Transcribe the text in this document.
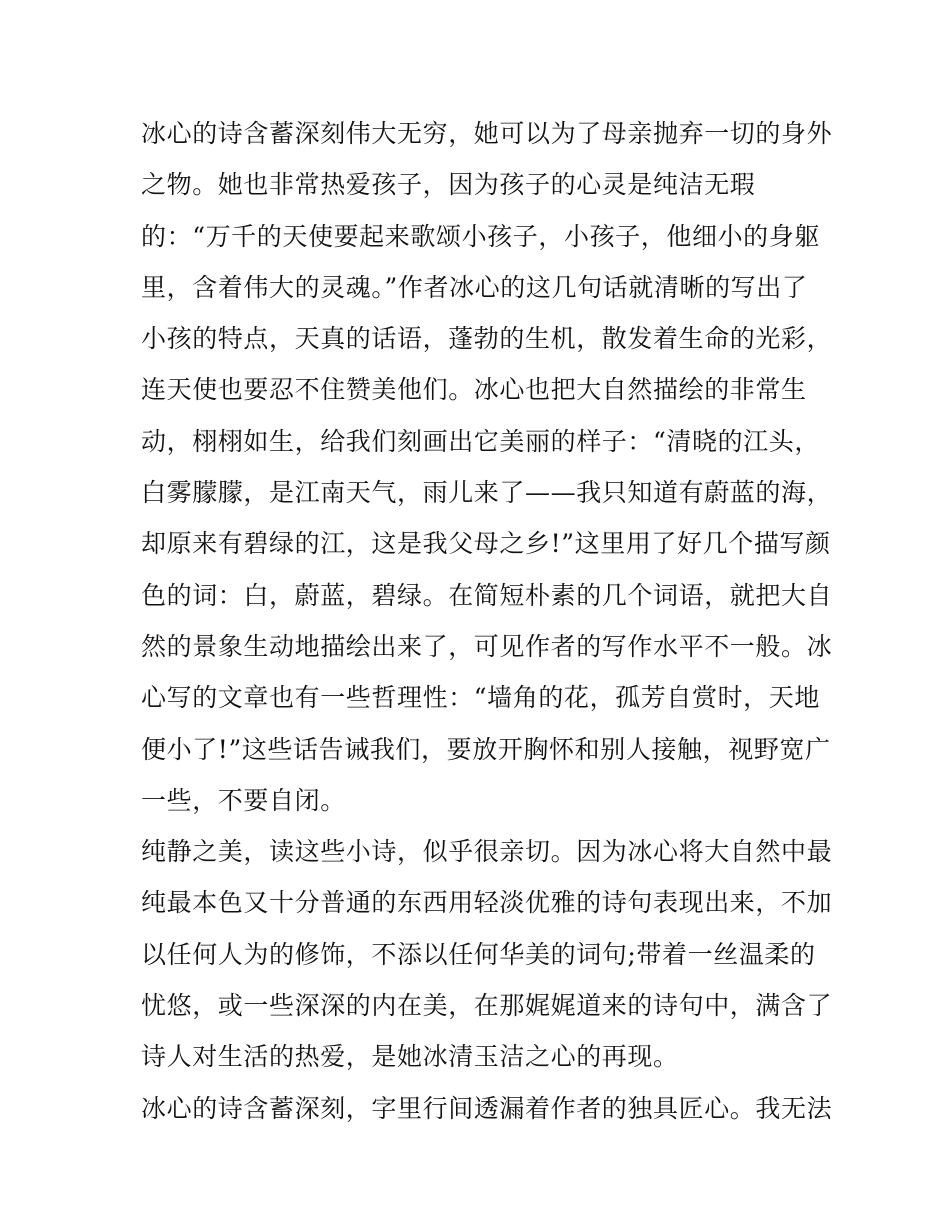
冰心的诗含蓄深刻伟大无穷，她可以为了母亲抛弃一切的身外
之物。她也非常热爱孩子，因为孩子的心灵是纯洁无瑕
的：“万千的天使要起来歌颂小孩子，小孩子，他细小的身躯
里，含着伟大的灵魂。”作者冰心的这几句话就清晰的写出了
小孩的特点，天真的话语，蓬勃的生机，散发着生命的光彩，
连天使也要忍不住赞美他们。冰心也把大自然描绘的非常生
动，栩栩如生，给我们刻画出它美丽的样子：“清晓的江头，
白雾朦朦，是江南天气，雨儿来了——我只知道有蔚蓝的海，
却原来有碧绿的江，这是我父母之乡!”这里用了好几个描写颜
色的词：白，蔚蓝，碧绿。在简短朴素的几个词语，就把大自
然的景象生动地描绘出来了，可见作者的写作水平不一般。冰
心写的文章也有一些哲理性：“墙角的花，孤芳自赏时，天地
便小了!”这些话告诫我们，要放开胸怀和别人接触，视野宽广
一些，不要自闭。
纯静之美，读这些小诗，似乎很亲切。因为冰心将大自然中最
纯最本色又十分普通的东西用轻淡优雅的诗句表现出来，不加
以任何人为的修饰，不添以任何华美的词句;带着一丝温柔的
忧悠，或一些深深的内在美，在那娓娓道来的诗句中，满含了
诗人对生活的热爱，是她冰清玉洁之心的再现。
冰心的诗含蓄深刻，字里行间透漏着作者的独具匠心。我无法
